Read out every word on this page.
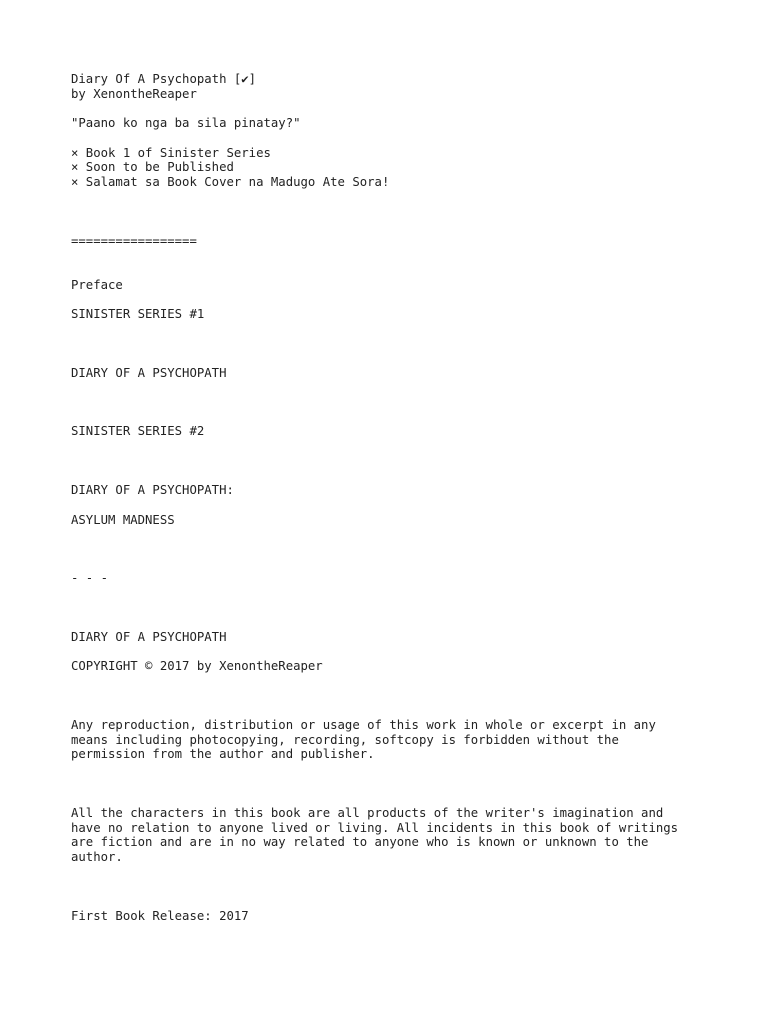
Diary Of A Psychopath [✔]

by XenontheReaper

"Paano ko nga ba sila pinatay?"

× Book 1 of Sinister Series

× Soon to be Published

× Salamat sa Book Cover na Madugo Ate Sora!

=================

Preface

SINISTER SERIES #1

DIARY OF A PSYCHOPATH

SINISTER SERIES #2

DIARY OF A PSYCHOPATH:

ASYLUM MADNESS

- - -

DIARY OF A PSYCHOPATH

COPYRIGHT © 2017 by XenontheReaper

Any reproduction, distribution or usage of this work in whole or excerpt in any
means including photocopying, recording, softcopy is forbidden without the
permission from the author and publisher.
All the characters in this book are all products of the writer's imagination and
have no relation to anyone lived or living. All incidents in this book of writings
are fiction and are in no way related to anyone who is known or unknown to the
author.

First Book Release: 2017
